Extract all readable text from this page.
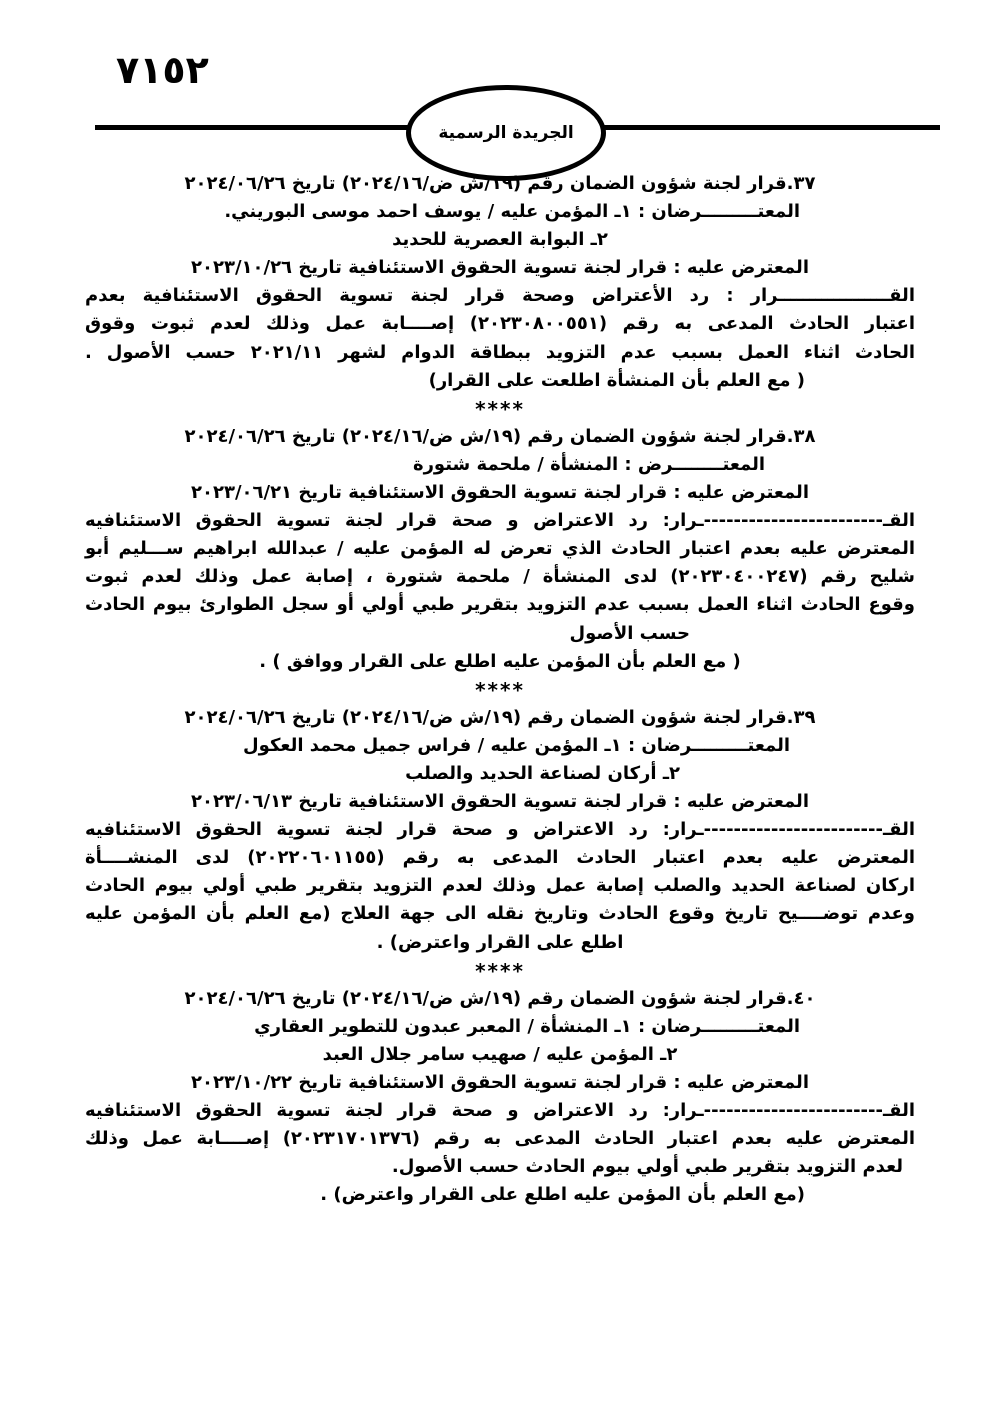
٧١٥٢
الجريدة الرسمية
٣٧.قرار لجنة شؤون الضمان رقم (١٩/ش ض/٢٠٢٤/١٦) تاريخ ٢٠٢٤/٠٦/٢٦
المعتـــــــــرضان : ١ـ المؤمن عليه / يوسف احمد موسى البوريني.
٢ـ البوابة العصرية للحديد
المعترض عليه : قرار لجنة تسوية الحقوق الاستئنافية تاريخ ٢٠٢٣/١٠/٢٦
القــــــــــــــــــرار : رد الأعتراض وصحة قرار لجنة تسوية الحقوق الاستئنافية بعدم
اعتبار الحادث المدعى به رقم (٢٠٢٣٠٨٠٠٥٥١) إصــــابة عمل وذلك لعدم ثبوت وقوق
الحادث اثناء العمل بسبب عدم التزويد ببطاقة الدوام لشهر ٢٠٢١/١١ حسب الأصول .
( مع العلم بأن المنشأة اطلعت على القرار)
****
٣٨.قرار لجنة شؤون الضمان رقم (١٩/ش ض/٢٠٢٤/١٦) تاريخ ٢٠٢٤/٠٦/٢٦
المعتــــــــرض : المنشأة / ملحمة شتورة
المعترض عليه : قرار لجنة تسوية الحقوق الاستئنافية تاريخ ٢٠٢٣/٠٦/٢١
القـ------------------------ـرار: رد الاعتراض و صحة قرار لجنة تسوية الحقوق الاستئنافيه
المعترض عليه بعدم اعتبار الحادث الذي تعرض له المؤمن عليه / عبدالله ابراهيم ســـليم أبو
شليح رقم (٢٠٢٣٠٤٠٠٢٤٧) لدى المنشأة / ملحمة شتورة ، إصابة عمل وذلك لعدم ثبوت
وقوع الحادث اثناء العمل بسبب عدم التزويد بتقرير طبي أولي أو سجل الطوارئ بيوم الحادث
حسب الأصول
( مع العلم بأن المؤمن عليه اطلع على القرار ووافق ) .
****
٣٩.قرار لجنة شؤون الضمان رقم (١٩/ش ض/٢٠٢٤/١٦) تاريخ ٢٠٢٤/٠٦/٢٦
المعتـــــــــرضان : ١ـ المؤمن عليه / فراس جميل محمد العكول
٢ـ أركان لصناعة الحديد والصلب
المعترض عليه : قرار لجنة تسوية الحقوق الاستئنافية تاريخ ٢٠٢٣/٠٦/١٣
القـ------------------------ـرار: رد الاعتراض و صحة قرار لجنة تسوية الحقوق الاستئنافيه
المعترض عليه بعدم اعتبار الحادث المدعى به رقم (٢٠٢٢٠٦٠١١٥٥) لدى المنشــــأة
اركان لصناعة الحديد والصلب إصابة عمل وذلك لعدم التزويد بتقرير طبي أولي بيوم الحادث
وعدم توضــــيح تاريخ وقوع الحادث وتاريخ نقله الى جهة العلاج (مع العلم بأن المؤمن عليه
اطلع على القرار واعترض) .
****
٤٠.قرار لجنة شؤون الضمان رقم (١٩/ش ض/٢٠٢٤/١٦) تاريخ ٢٠٢٤/٠٦/٢٦
المعتـــــــــرضان : ١ـ المنشأة / المعبر عبدون للتطوير العقاري
٢ـ المؤمن عليه / صهيب سامر جلال العبد
المعترض عليه : قرار لجنة تسوية الحقوق الاستئنافية تاريخ ٢٠٢٣/١٠/٢٢
القـ------------------------ـرار: رد الاعتراض و صحة قرار لجنة تسوية الحقوق الاستئنافيه
المعترض عليه بعدم اعتبار الحادث المدعى به رقم (٢٠٢٣١٧٠١٣٧٦) إصــــابة عمل وذلك
لعدم التزويد بتقرير طبي أولي بيوم الحادث حسب الأصول.
(مع العلم بأن المؤمن عليه اطلع على القرار واعترض) .
